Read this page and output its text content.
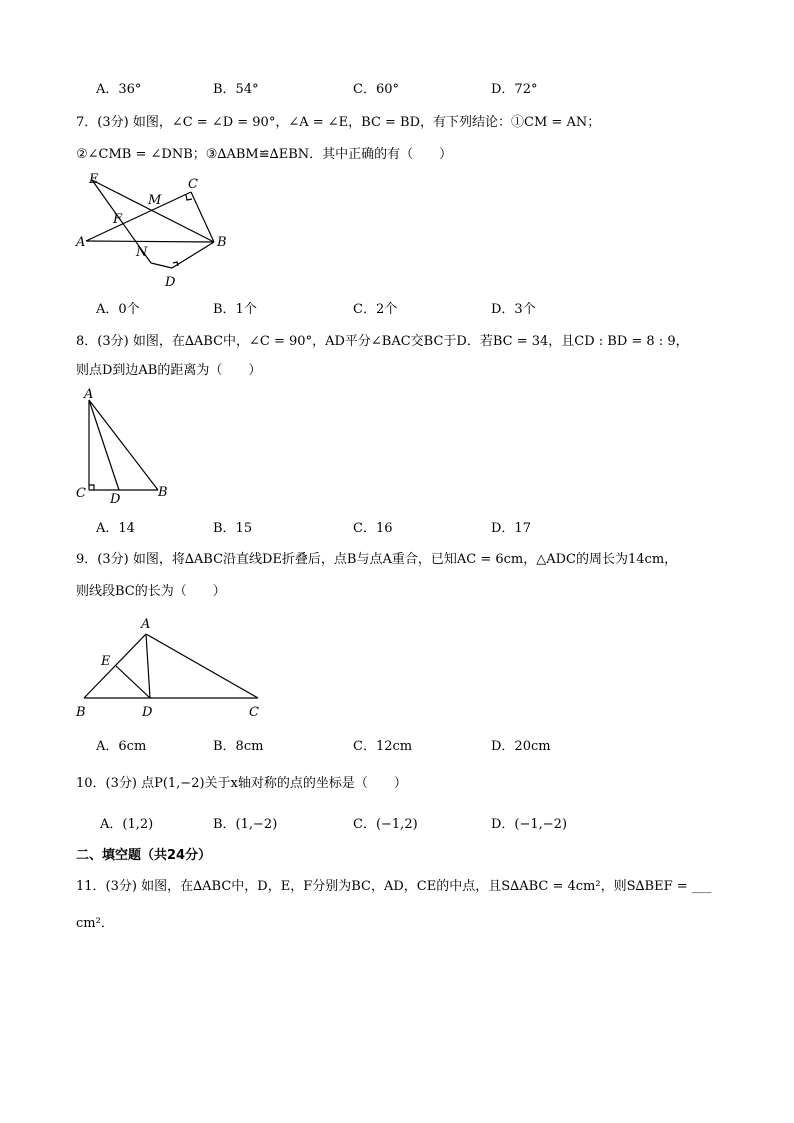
A．36°	B．54°	C．60°	D．72°
7．(3分) 如图，∠C = ∠D = 90°，∠A = ∠E，BC = BD，有下列结论：①CM = AN；
②∠CMB = ∠DNB；③∆ABM≌∆EBN．其中正确的有（　　）
E
M
C
F
A	B
N
D
A．0个	B．1个	C．2个	D．3个
8．(3分) 如图，在∆ABC中，∠C = 90°，AD平分∠BAC交BC于D．若BC = 34，且CD : BD = 8 : 9，
则点D到边AB的距离为（　　）
A
C D	B
A．14	B．15	C．16	D．17
9．(3分) 如图，将∆ABC沿直线DE折叠后，点B与点A重合，已知AC = 6cm，△ADC的周长为14cm，
则线段BC的长为（　　）
A
E
B	D	C
A．6cm	B．8cm	C．12cm	D．20cm
10．(3分) 点P(1,−2)关于x轴对称的点的坐标是（　　）
A．(1,2)	B．(1,−2)	C．(−1,2)	D．(−1,−2)
二、填空题（共24分）
11．(3分) 如图，在∆ABC中，D，E，F分别为BC，AD，CE的中点，且S∆ABC = 4cm²，则S∆BEF = ___
cm²．
